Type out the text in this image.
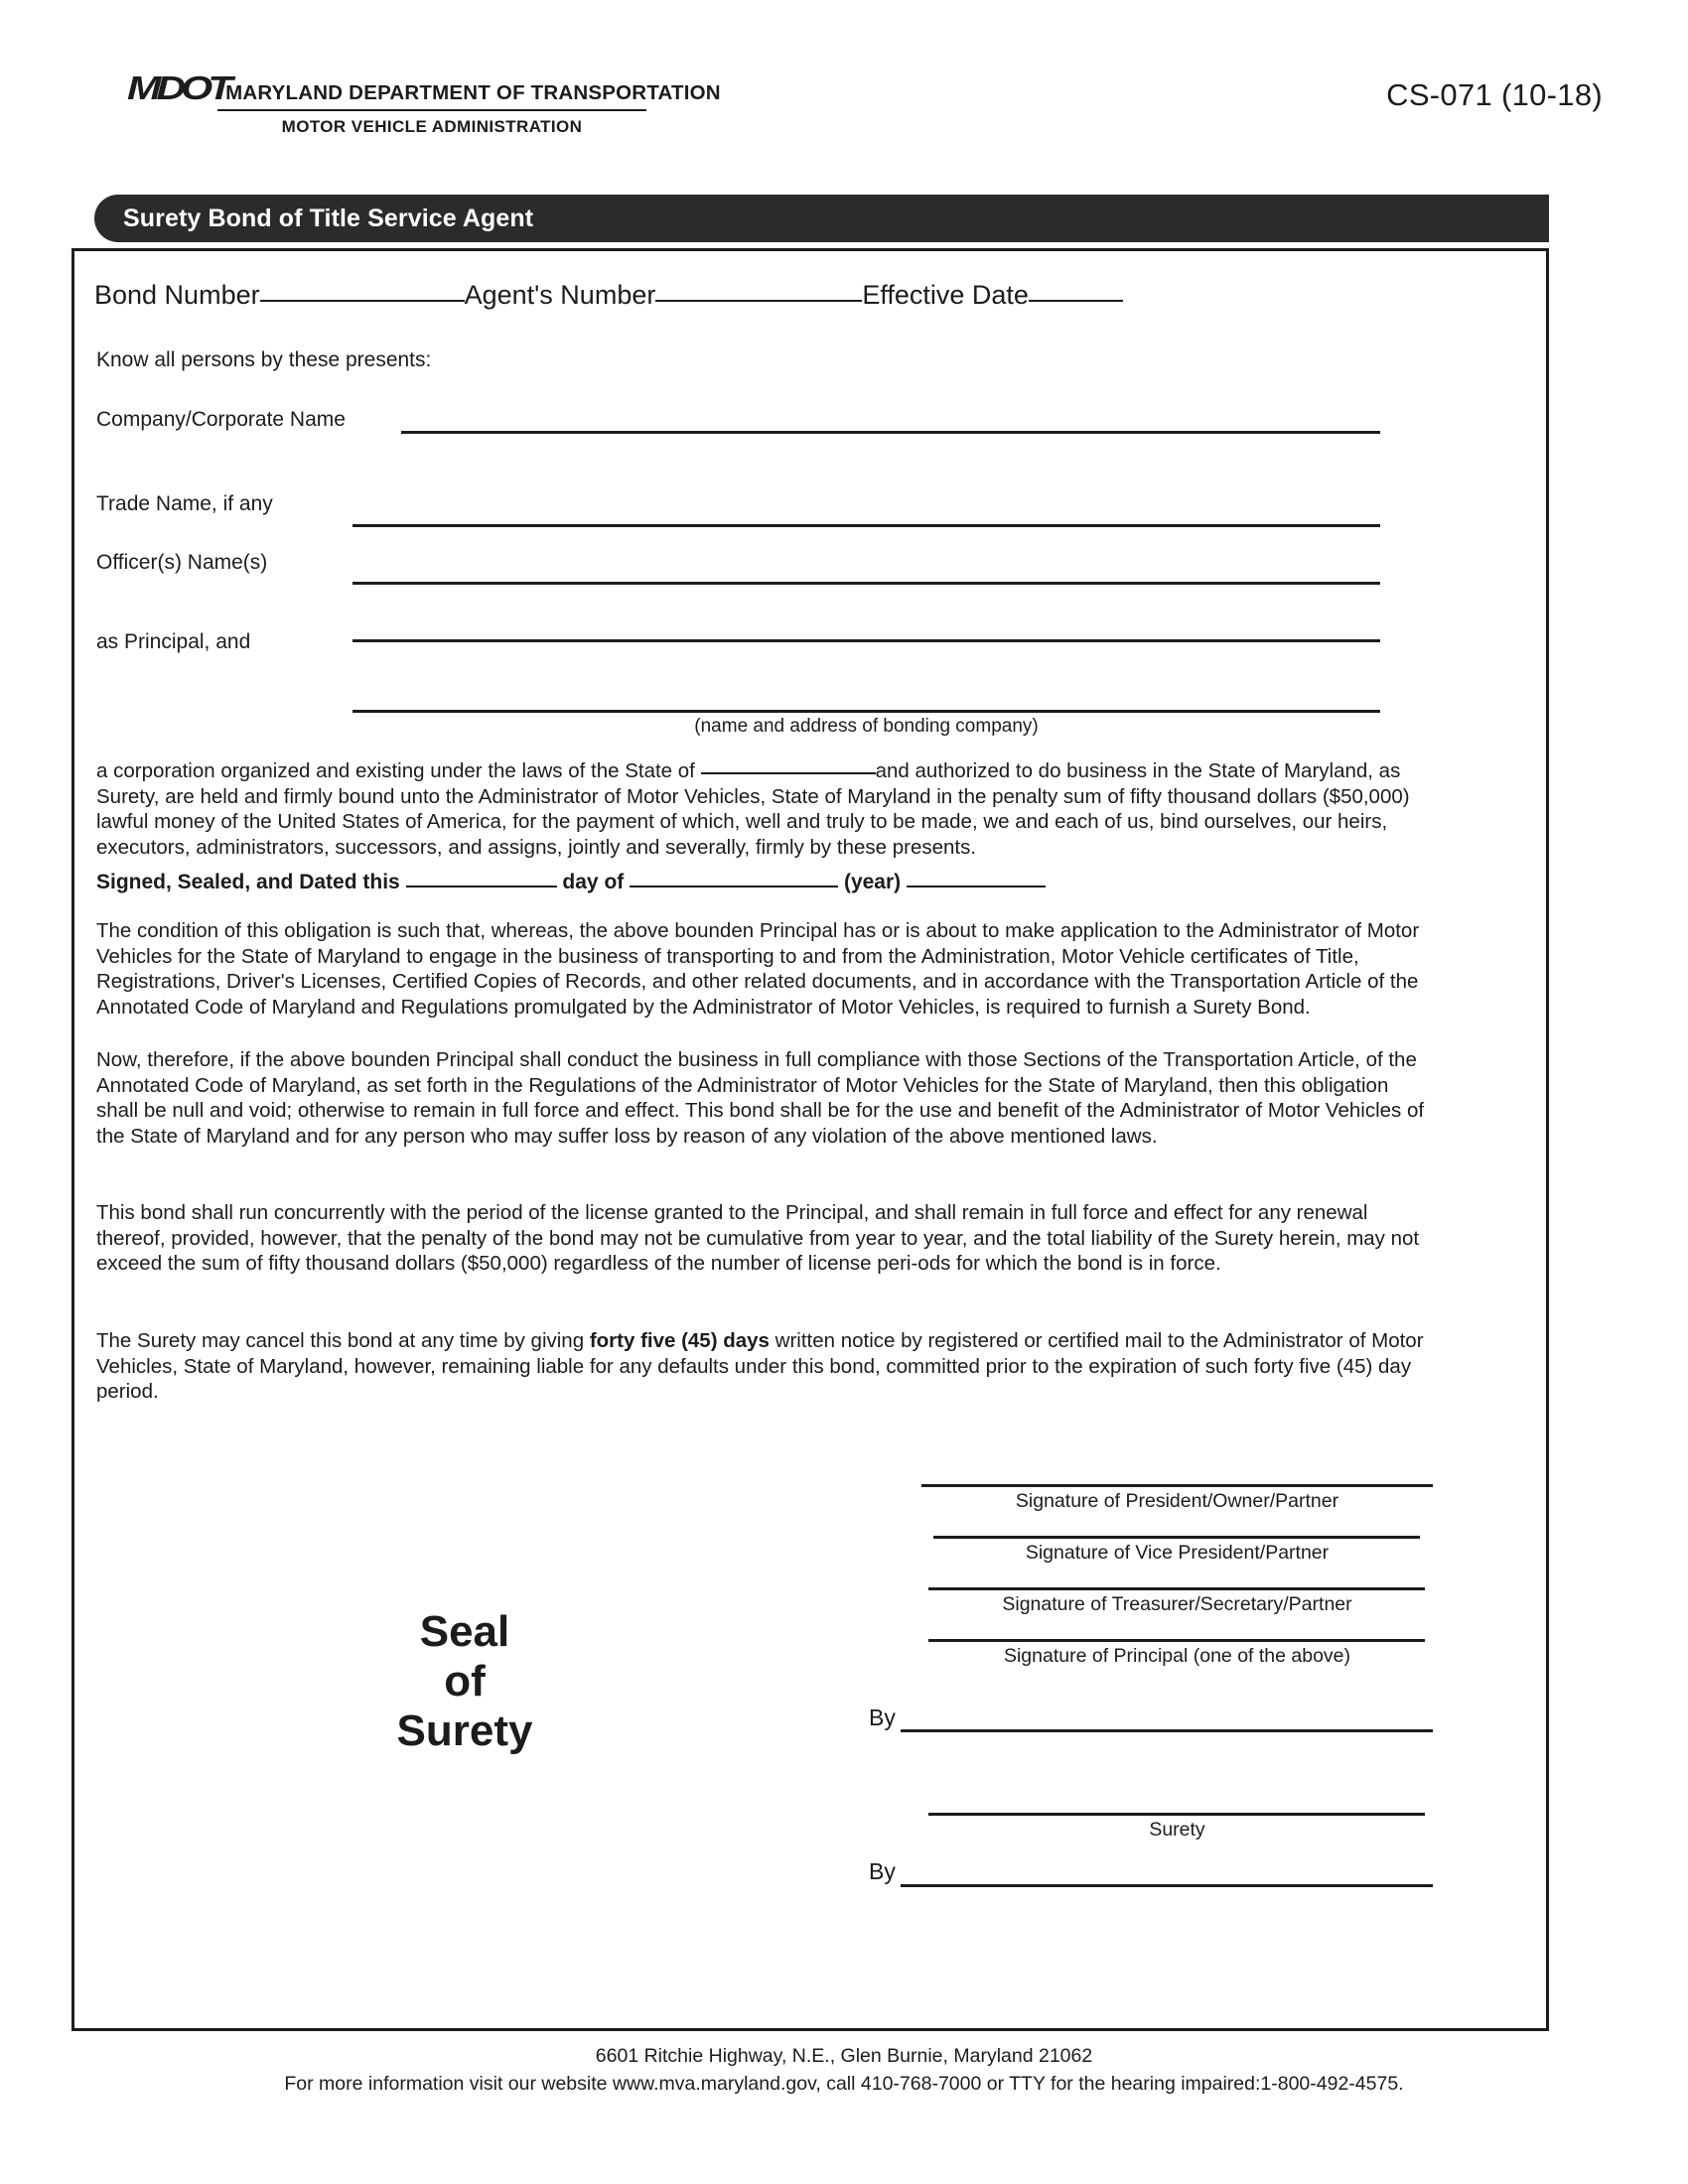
MDOT
MARYLAND DEPARTMENT OF TRANSPORTATION
MOTOR VEHICLE ADMINISTRATION
CS-071 (10-18)
Surety Bond of Title Service Agent
Bond Number	Agent's Number	Effective Date
Know all persons by these presents:
Company/Corporate Name
Trade Name, if any
Officer(s) Name(s)
as Principal, and
(name and address of bonding company)
a corporation organized and existing under the laws of the State of	and authorized to do business in the State of Maryland, as Surety, are held and firmly bound unto the Administrator of Motor Vehicles, State of Maryland in the penalty sum of fifty thousand dollars ($50,000) lawful money of the United States of America, for the payment of which, well and truly to be made, we and each of us, bind ourselves, our heirs, executors, administrators, successors, and assigns, jointly and severally, firmly by these presents.
Signed, Sealed, and Dated this	day of	(year)
The condition of this obligation is such that, whereas, the above bounden Principal has or is about to make application to the Administrator of Motor Vehicles for the State of Maryland to engage in the business of transporting to and from the Administration, Motor Vehicle certificates of Title, Registrations, Driver's Licenses, Certified Copies of Records, and other related documents, and in accordance with the Transportation Article of the Annotated Code of Maryland and Regulations promulgated by the Administrator of Motor Vehicles, is required to furnish a Surety Bond.
Now, therefore, if the above bounden Principal shall conduct the business in full compliance with those Sections of the Transportation Article, of the Annotated Code of Maryland, as set forth in the Regulations of the Administrator of Motor Vehicles for the State of Maryland, then this obligation shall be null and void; otherwise to remain in full force and effect. This bond shall be for the use and benefit of the Administrator of Motor Vehicles of the State of Maryland and for any person who may suffer loss by reason of any violation of the above mentioned laws.
This bond shall run concurrently with the period of the license granted to the Principal, and shall remain in full force and effect for any renewal thereof, provided, however, that the penalty of the bond may not be cumulative from year to year, and the total liability of the Surety herein, may not exceed the sum of fifty thousand dollars ($50,000) regardless of the number of license peri-ods for which the bond is in force.
The Surety may cancel this bond at any time by giving forty five (45) days written notice by registered or certified mail to the Administrator of Motor Vehicles, State of Maryland, however, remaining liable for any defaults under this bond, committed prior to the expiration of such forty five (45) day period.
Seal
of
Surety
Signature of President/Owner/Partner
Signature of Vice President/Partner
Signature of Treasurer/Secretary/Partner
Signature of Principal (one of the above)
By
Surety
By
6601 Ritchie Highway, N.E., Glen Burnie, Maryland 21062
For more information visit our website www.mva.maryland.gov, call 410-768-7000 or TTY for the hearing impaired:1-800-492-4575.
